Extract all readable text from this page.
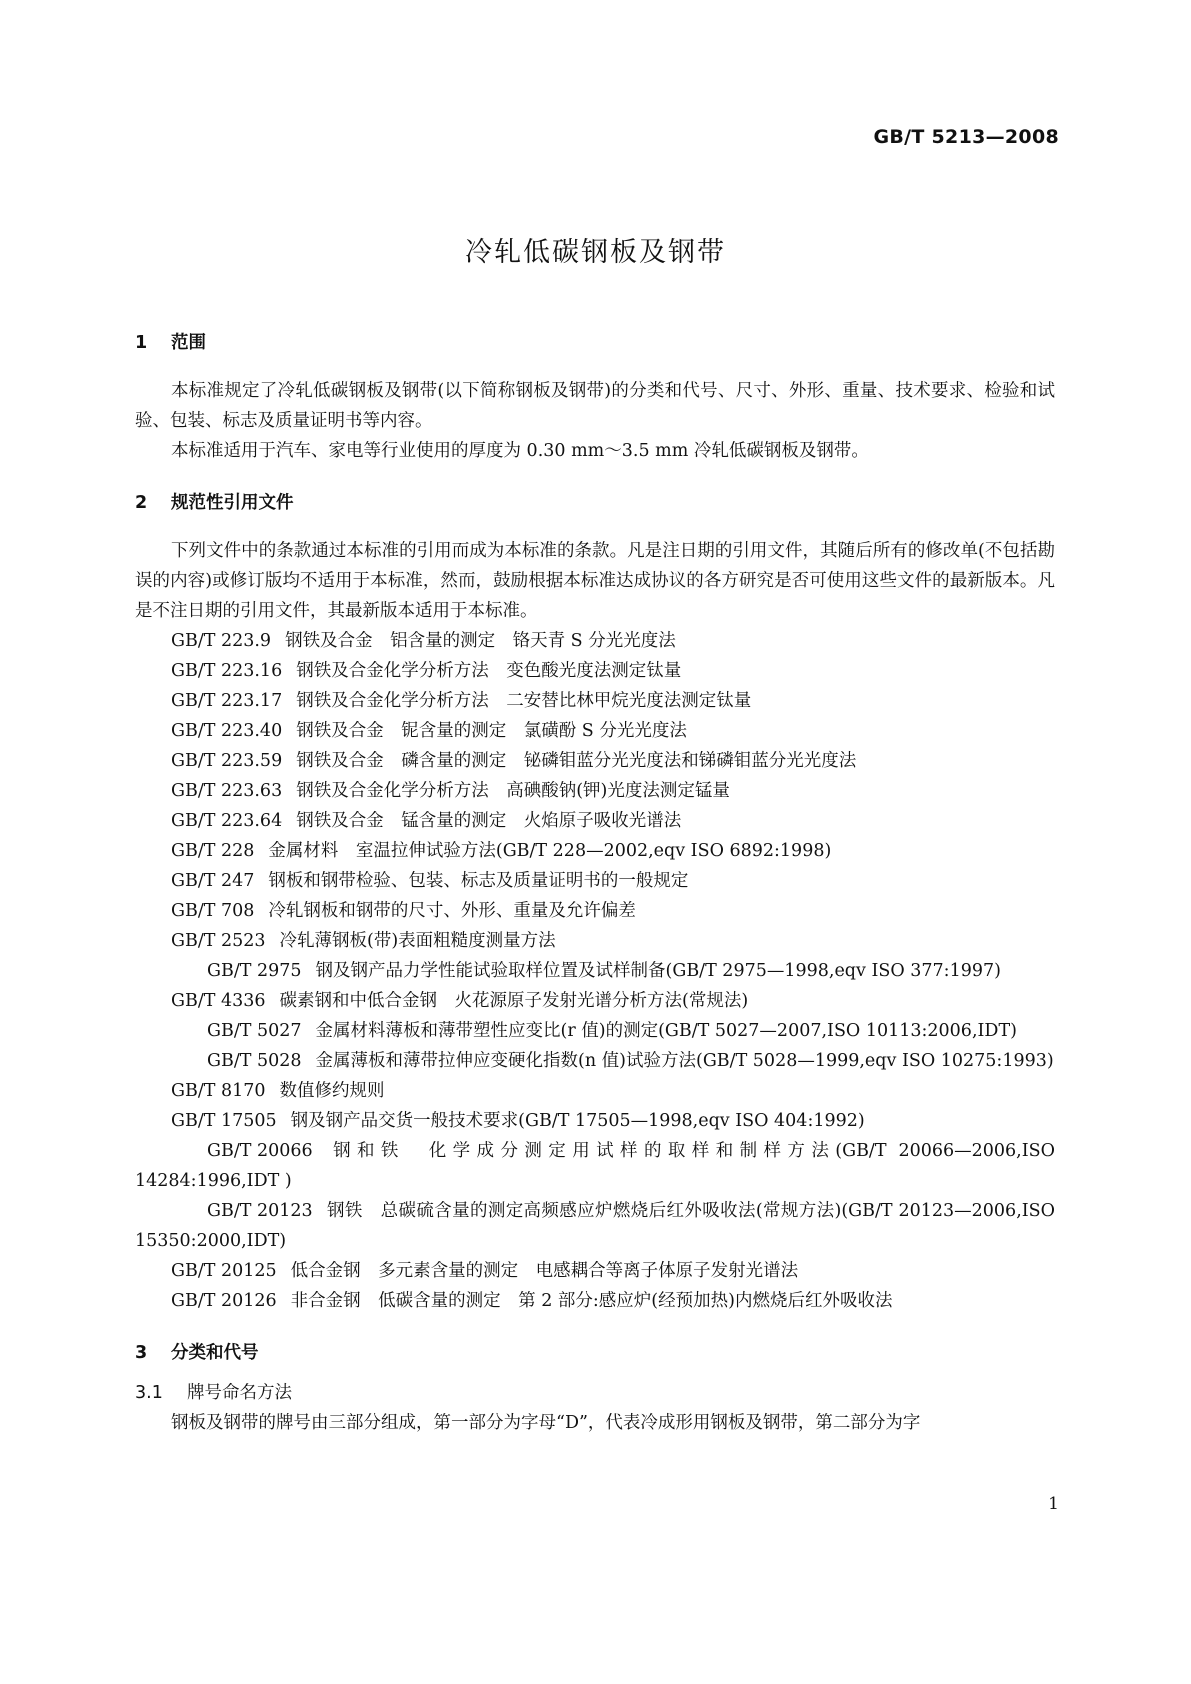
GB/T 5213—2008
冷轧低碳钢板及钢带
1 范围

本标准规定了冷轧低碳钢板及钢带(以下简称钢板及钢带)的分类和代号、尺寸、外形、重量、技术要求、检验和试验、包装、标志及质量证明书等内容。

本标准适用于汽车、家电等行业使用的厚度为 0.30 mm～3.5 mm 冷轧低碳钢板及钢带。

2 规范性引用文件

下列文件中的条款通过本标准的引用而成为本标准的条款。凡是注日期的引用文件，其随后所有的修改单(不包括勘误的内容)或修订版均不适用于本标准，然而，鼓励根据本标准达成协议的各方研究是否可使用这些文件的最新版本。凡是不注日期的引用文件，其最新版本适用于本标准。

GB/T 223.9 钢铁及合金　铝含量的测定　铬天青 S 分光光度法

GB/T 223.16 钢铁及合金化学分析方法　变色酸光度法测定钛量

GB/T 223.17 钢铁及合金化学分析方法　二安替比林甲烷光度法测定钛量

GB/T 223.40 钢铁及合金　铌含量的测定　氯磺酚 S 分光光度法

GB/T 223.59 钢铁及合金　磷含量的测定　铋磷钼蓝分光光度法和锑磷钼蓝分光光度法

GB/T 223.63 钢铁及合金化学分析方法　高碘酸钠(钾)光度法测定锰量

GB/T 223.64 钢铁及合金　锰含量的测定　火焰原子吸收光谱法

GB/T 228 金属材料　室温拉伸试验方法(GB/T 228—2002,eqv ISO 6892:1998)

GB/T 247 钢板和钢带检验、包装、标志及质量证明书的一般规定

GB/T 708 冷轧钢板和钢带的尺寸、外形、重量及允许偏差

GB/T 2523 冷轧薄钢板(带)表面粗糙度测量方法

GB/T 2975 钢及钢产品力学性能试验取样位置及试样制备(GB/T 2975—1998,eqv ISO 377:1997)

GB/T 4336 碳素钢和中低合金钢　火花源原子发射光谱分析方法(常规法)

GB/T 5027 金属材料薄板和薄带塑性应变比(r 值)的测定(GB/T 5027—2007,ISO 10113:2006,IDT)

GB/T 5028 金属薄板和薄带拉伸应变硬化指数(n 值)试验方法(GB/T 5028—1999,eqv ISO 10275:1993)

GB/T 8170 数值修约规则

GB/T 17505 钢及钢产品交货一般技术要求(GB/T 17505—1998,eqv ISO 404:1992)

GB/T 20066 钢和铁　化学成分测定用试样的取样和制样方法(GB/T 20066—2006,ISO 14284:1996,IDT )

GB/T 20123 钢铁　总碳硫含量的测定高频感应炉燃烧后红外吸收法(常规方法)(GB/T 20123—2006,ISO 15350:2000,IDT)

GB/T 20125 低合金钢　多元素含量的测定　电感耦合等离子体原子发射光谱法

GB/T 20126 非合金钢　低碳含量的测定　第 2 部分:感应炉(经预加热)内燃烧后红外吸收法

3 分类和代号
3.1 牌号命名方法

钢板及钢带的牌号由三部分组成，第一部分为字母“D”，代表冷成形用钢板及钢带，第二部分为字

1
